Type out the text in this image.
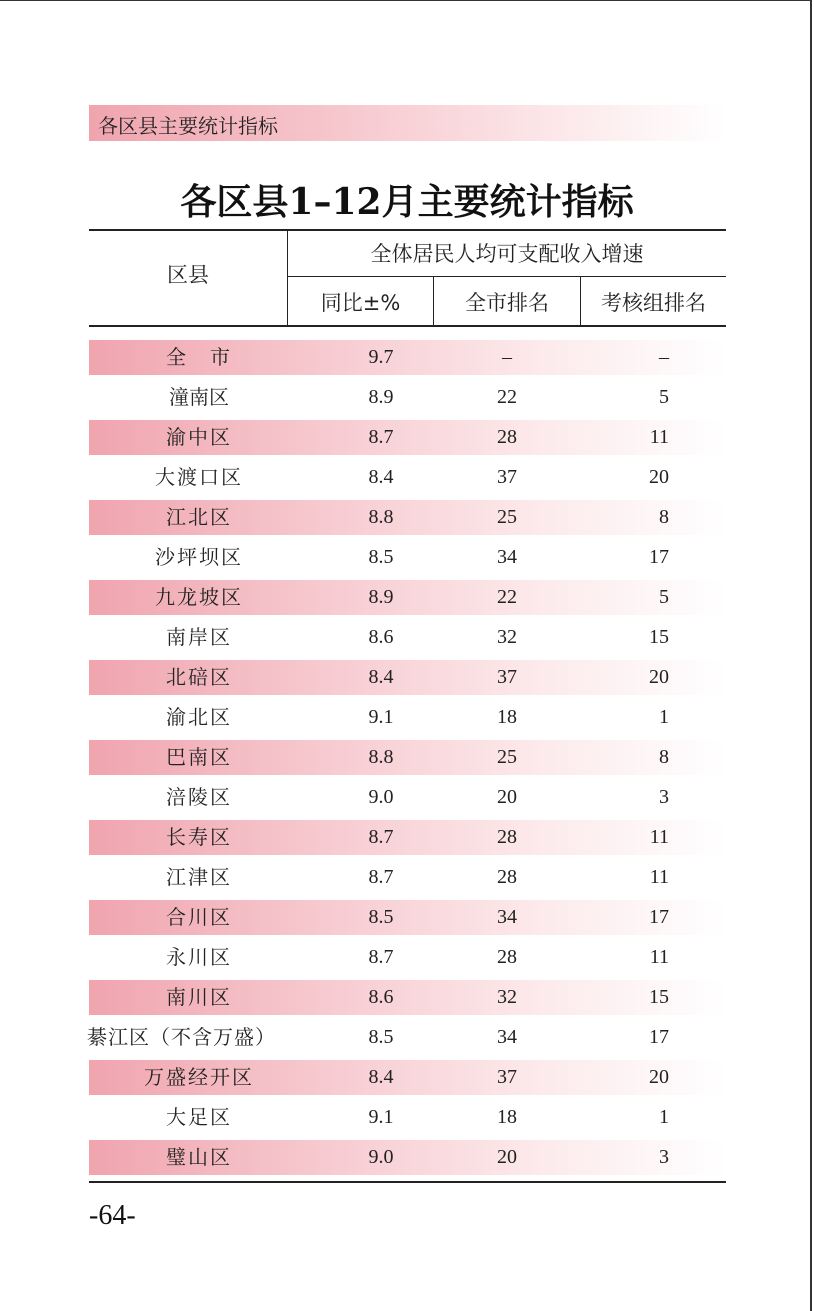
各区县主要统计指标
各区县1–12月主要统计指标
区县
全体居民人均可支配收入增速
同比±%	全市排名	考核组排名
全　市	9.7	–	–
潼南区	8.9	22	5
渝中区	8.7	28	11
大渡口区	8.4	37	20
江北区	8.8	25	8
沙坪坝区	8.5	34	17
九龙坡区	8.9	22	5
南岸区	8.6	32	15
北碚区	8.4	37	20
渝北区	9.1	18	1
巴南区	8.8	25	8
涪陵区	9.0	20	3
长寿区	8.7	28	11
江津区	8.7	28	11
合川区	8.5	34	17
永川区	8.7	28	11
南川区	8.6	32	15
綦江区（不含万盛）	8.5	34	17
万盛经开区	8.4	37	20
大足区	9.1	18	1
璧山区	9.0	20	3
-64-
